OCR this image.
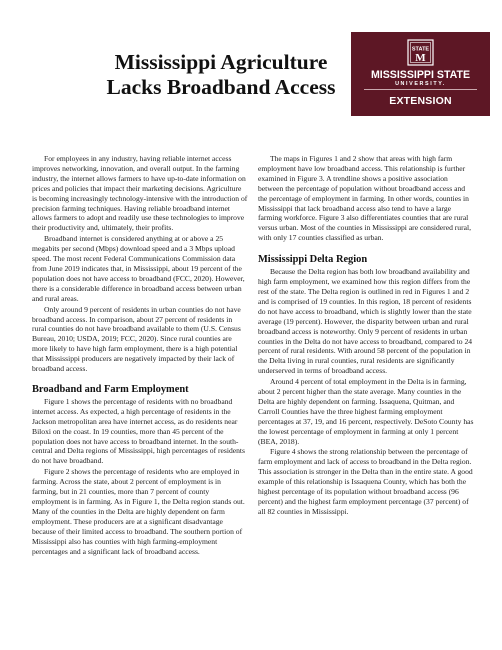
Mississippi Agriculture
Lacks Broadband Access
STATE
M
MISSISSIPPI STATE
UNIVERSITY.
EXTENSION

For employees in any industry, having reliable internet access improves networking, innovation, and overall output. In the farming industry, the internet allows farmers to have up-to-date information on prices and policies that impact their marketing decisions. Agriculture is becoming increasingly technology-intensive with the introduction of precision farming techniques. Having reliable broadband internet allows farmers to adopt and readily use these technologies to improve their productivity and, ultimately, their profits.

Broadband internet is considered anything at or above a 25 megabits per second (Mbps) download speed and a 3 Mbps upload speed. The most recent Federal Communications Commission data from June 2019 indicates that, in Mississippi, about 19 percent of the population does not have access to broadband (FCC, 2020). However, there is a considerable difference in broadband access between urban and rural areas.

Only around 9 percent of residents in urban counties do not have broadband access. In comparison, about 27 percent of residents in rural counties do not have broadband available to them (U.S. Census Bureau, 2010; USDA, 2019; FCC, 2020). Since rural counties are more likely to have high farm employment, there is a high potential that Mississippi producers are negatively impacted by their lack of broadband access.

Broadband and Farm Employment

Figure 1 shows the percentage of residents with no broadband internet access. As expected, a high percentage of residents in the Jackson metropolitan area have internet access, as do residents near Biloxi on the coast. In 19 counties, more than 45 percent of the population does not have access to broadband internet. In the south-central and Delta regions of Mississippi, high percentages of residents do not have broadband.

Figure 2 shows the percentage of residents who are employed in farming. Across the state, about 2 percent of employment is in farming, but in 21 counties, more than 7 percent of county employment is in farming. As in Figure 1, the Delta region stands out. Many of the counties in the Delta are highly dependent on farm employment. These producers are at a significant disadvantage because of their limited access to broadband. The southern portion of Mississippi also has counties with high farming-employment percentages and a significant lack of broadband access.

The maps in Figures 1 and 2 show that areas with high farm employment have low broadband access. This relationship is further examined in Figure 3. A trendline shows a positive association between the percentage of population without broadband access and the percentage of employment in farming. In other words, counties in Mississippi that lack broadband access also tend to have a large farming workforce. Figure 3 also differentiates counties that are rural versus urban. Most of the counties in Mississippi are considered rural, with only 17 counties classified as urban.

Mississippi Delta Region

Because the Delta region has both low broadband availability and high farm employment, we examined how this region differs from the rest of the state. The Delta region is outlined in red in Figures 1 and 2 and is comprised of 19 counties. In this region, 18 percent of residents do not have access to broadband, which is slightly lower than the state average (19 percent). However, the disparity between urban and rural broadband access is noteworthy. Only 9 percent of residents in urban counties in the Delta do not have access to broadband, compared to 24 percent of rural residents. With around 58 percent of the population in the Delta living in rural counties, rural residents are significantly underserved in terms of broadband access.

Around 4 percent of total employment in the Delta is in farming, about 2 percent higher than the state average. Many counties in the Delta are highly dependent on farming. Issaquena, Quitman, and Carroll Counties have the three highest farming employment percentages at 37, 19, and 16 percent, respectively. DeSoto County has the lowest percentage of employment in farming at only 1 percent (BEA, 2018).

Figure 4 shows the strong relationship between the percentage of farm employment and lack of access to broadband in the Delta region. This association is stronger in the Delta than in the entire state. A good example of this relationship is Issaquena County, which has both the highest percentage of its population without broadband access (96 percent) and the highest farm employment percentage (37 percent) of all 82 counties in Mississippi.
